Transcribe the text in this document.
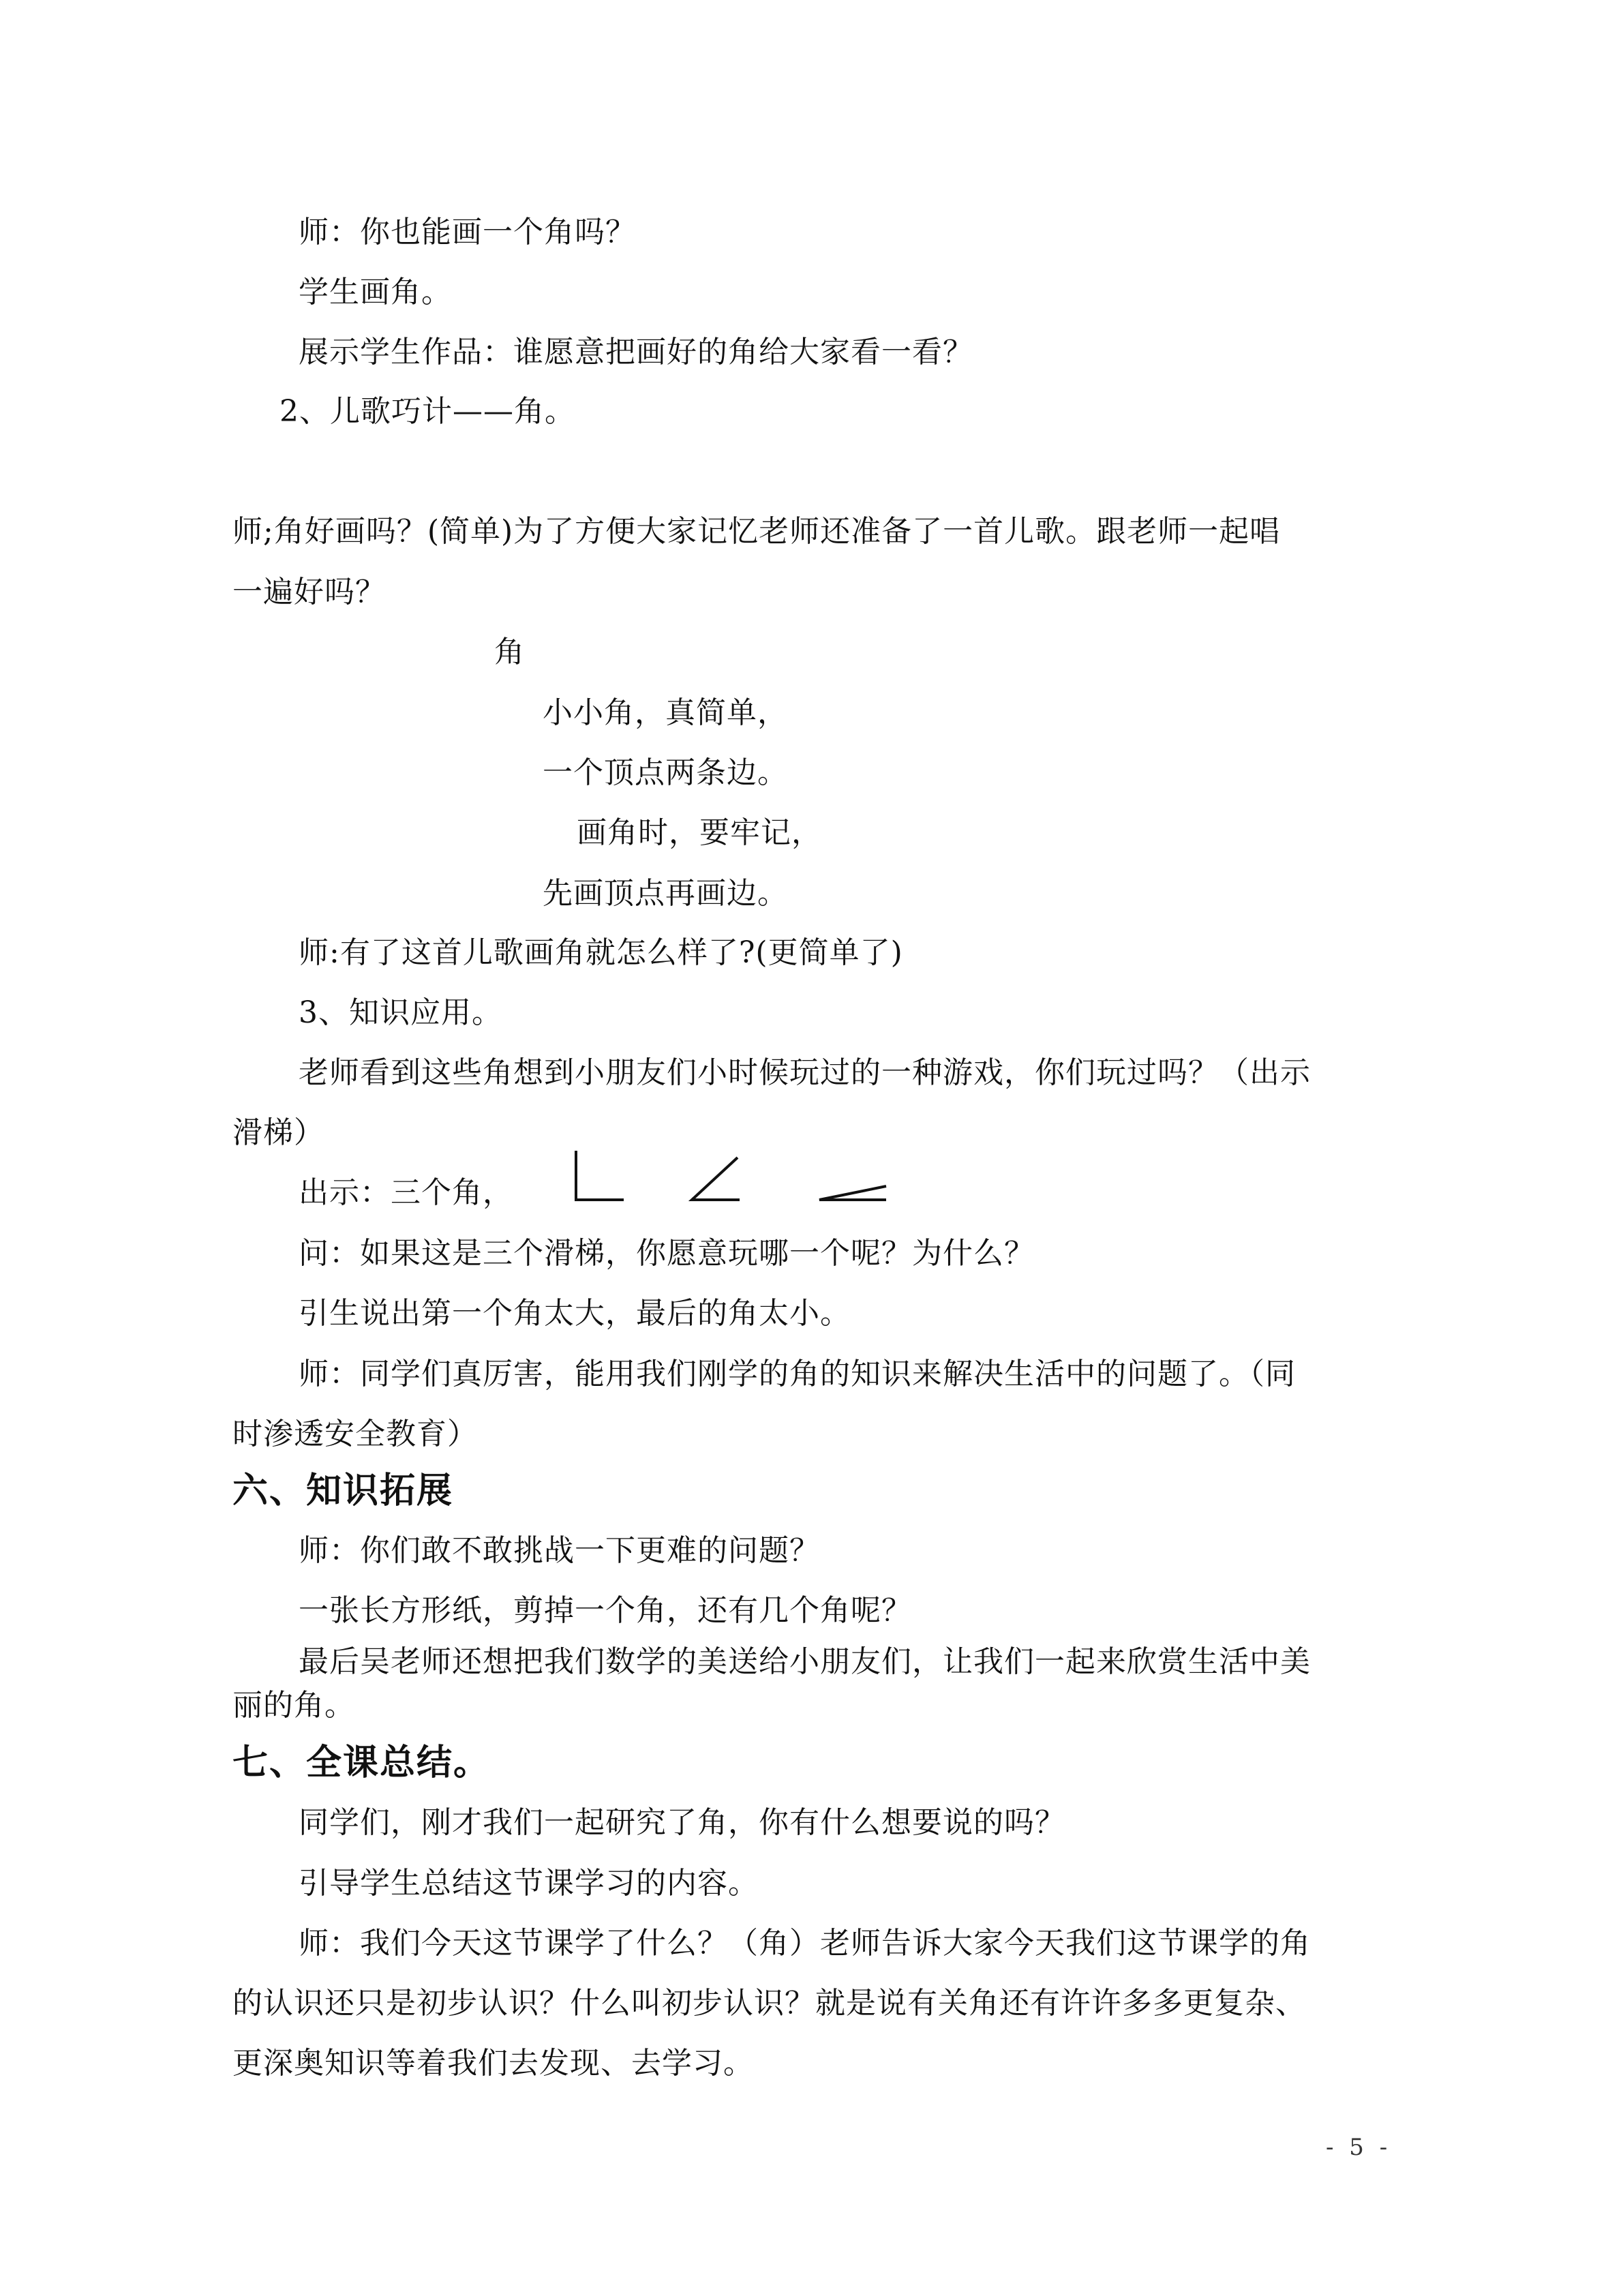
师：你也能画一个角吗？
学生画角。
展示学生作品：谁愿意把画好的角给大家看一看？
2、儿歌巧计——角。
师;角好画吗？(简单)为了方便大家记忆老师还准备了一首儿歌。跟老师一起唱
一遍好吗？
角
小小角，真简单，
一个顶点两条边。
画角时，要牢记，
先画顶点再画边。
师:有了这首儿歌画角就怎么样了?(更简单了)
3、知识应用。
老师看到这些角想到小朋友们小时候玩过的一种游戏，你们玩过吗？（出示
滑梯）
出示：三个角，
问：如果这是三个滑梯，你愿意玩哪一个呢？为什么？
引生说出第一个角太大，最后的角太小。
师：同学们真厉害，能用我们刚学的角的知识来解决生活中的问题了。（同
时渗透安全教育）
六、知识拓展
师：你们敢不敢挑战一下更难的问题？
一张长方形纸，剪掉一个角，还有几个角呢？
最后吴老师还想把我们数学的美送给小朋友们，让我们一起来欣赏生活中美
丽的角。
七、全课总结。
同学们，刚才我们一起研究了角，你有什么想要说的吗？
引导学生总结这节课学习的内容。
师：我们今天这节课学了什么？（角）老师告诉大家今天我们这节课学的角
的认识还只是初步认识？什么叫初步认识？就是说有关角还有许许多多更复杂、
更深奥知识等着我们去发现、去学习。
- 5 -
